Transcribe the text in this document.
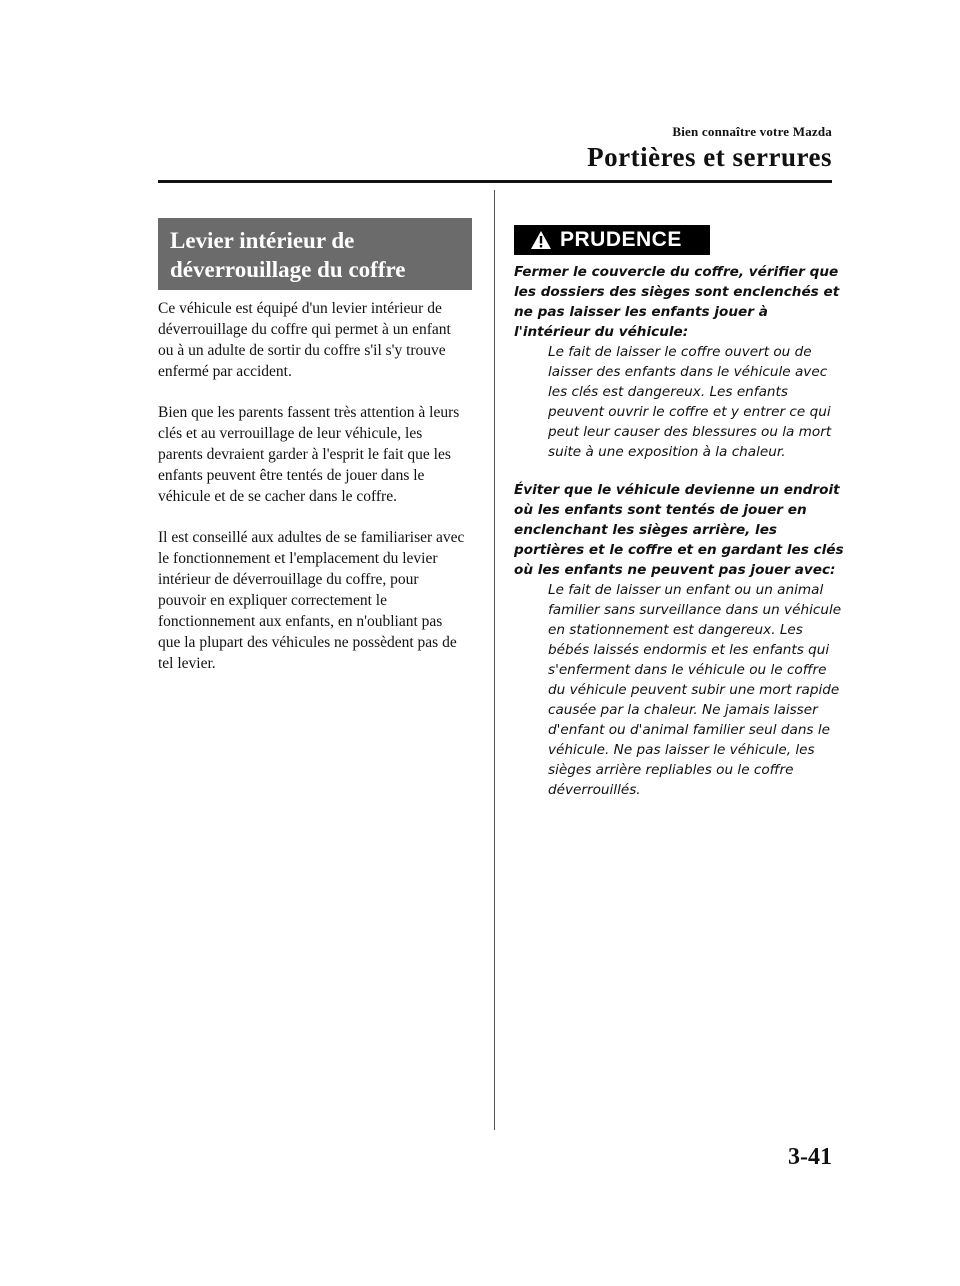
Bien connaître votre Mazda
Portières et serrures
Levier intérieur de
déverrouillage du coffre

Ce véhicule est équipé d'un levier intérieur de déverrouillage du coffre qui permet à un enfant ou à un adulte de sortir du coffre s'il s'y trouve enfermé par accident.

Bien que les parents fassent très attention à leurs clés et au verrouillage de leur véhicule, les parents devraient garder à l'esprit le fait que les enfants peuvent être tentés de jouer dans le véhicule et de se cacher dans le coffre.

Il est conseillé aux adultes de se familiariser avec le fonctionnement et l'emplacement du levier intérieur de déverrouillage du coffre, pour pouvoir en expliquer correctement le fonctionnement aux enfants, en n'oubliant pas que la plupart des véhicules ne possèdent pas de tel levier.

PRUDENCE

Fermer le couvercle du coffre, vérifier que les dossiers des sièges sont enclenchés et ne pas laisser les enfants jouer à l'intérieur du véhicule:

Le fait de laisser le coffre ouvert ou de laisser des enfants dans le véhicule avec les clés est dangereux. Les enfants peuvent ouvrir le coffre et y entrer ce qui peut leur causer des blessures ou la mort suite à une exposition à la chaleur.

Éviter que le véhicule devienne un endroit où les enfants sont tentés de jouer en enclenchant les sièges arrière, les portières et le coffre et en gardant les clés où les enfants ne peuvent pas jouer avec:

Le fait de laisser un enfant ou un animal familier sans surveillance dans un véhicule en stationnement est dangereux. Les bébés laissés endormis et les enfants qui s'enferment dans le véhicule ou le coffre du véhicule peuvent subir une mort rapide causée par la chaleur. Ne jamais laisser d'enfant ou d'animal familier seul dans le véhicule. Ne pas laisser le véhicule, les sièges arrière repliables ou le coffre déverrouillés.

3-41
